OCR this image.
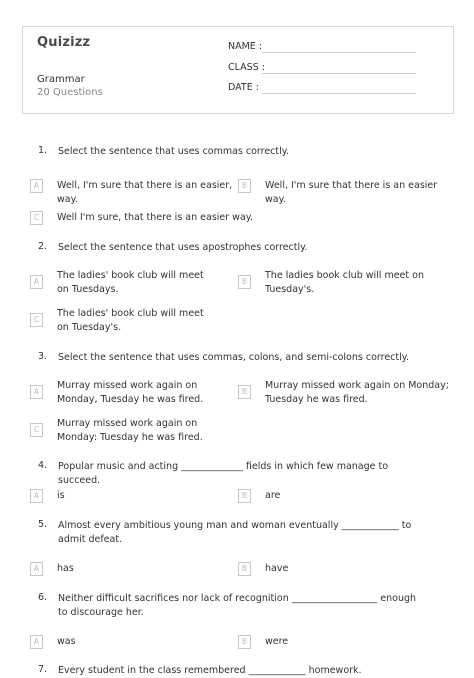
Quizizz
Grammar
20 Questions
NAME :
CLASS :
DATE :
1. Select the sentence that uses commas correctly.
A	Well, I'm sure that there is an easier, way.
B	Well, I'm sure that there is an easier way.
C	Well I'm sure, that there is an easier way.
2. Select the sentence that uses apostrophes correctly.
A
The ladies' book club will meet on Tuesdays.
B
The ladies book club will meet on Tuesday's.
C
The ladies' book club will meet on Tuesday's.
3. Select the sentence that uses commas, colons, and semi-colons correctly.
A
Murray missed work again on Monday, Tuesday he was fired.
B
Murray missed work again on Monday; Tuesday he was fired.
C
Murray missed work again on Monday: Tuesday he was fired.
4. Popular music and acting _____________ fields in which few manage to succeed.
A	is	B	are
5. Almost every ambitious young man and woman eventually ____________ to admit defeat.
A	has	B	have
6. Neither difficult sacrifices nor lack of recognition __________________ enough to discourage her.
A	was	B	were
7. Every student in the class remembered ____________ homework.
